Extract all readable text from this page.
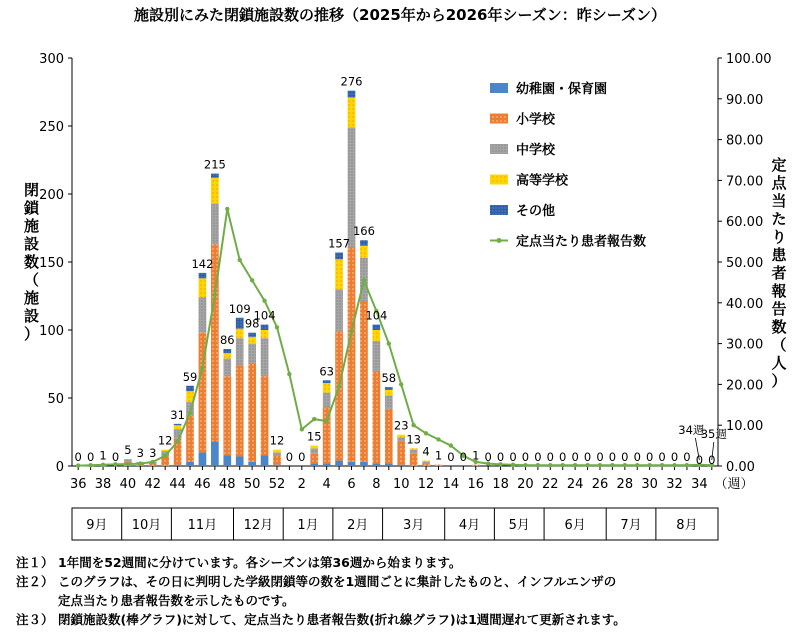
施設別にみた閉鎖施設数の推移（2025年から2026年シーズン：昨シーズン）
0
50
100
150
200
250
300
0.00
10.00
20.00
30.00
40.00
50.00
60.00
70.00
80.00
90.00
100.00
36 38 40 42 44 46 48 50 52 2 4 6 8 10 12 14 16 18 20 22 24 26 28 30 32 34 （週）
閉鎖施設数（施設）
定点当たり患者報告数（人）
0 0 1 0 5 3 3
12
31
59
142
215
86
109
98
104
12
0 0
15
63
157
276
166
104
58
23
13
4 1 0 0 1 0 0 0 0 0 0 0 0 0 0 0 0 0 0 0 0 0
34週
35週
0 0
幼稚園・保育園
小学校
中学校
高等学校
その他
定点当たり患者報告数
9月 10月 11月 12月 1月 2月	3月	4月 5月	6月	7月	8月
注１） 1年間を52週間に分けています。各シーズンは第36週から始まります。
注２） このグラフは、その日に判明した学級閉鎖等の数を1週間ごとに集計したものと、インフルエンザの
定点当たり患者報告数を示したものです。
注３） 閉鎖施設数(棒グラフ)に対して、定点当たり患者報告数(折れ線グラフ)は1週間遅れて更新されます。
